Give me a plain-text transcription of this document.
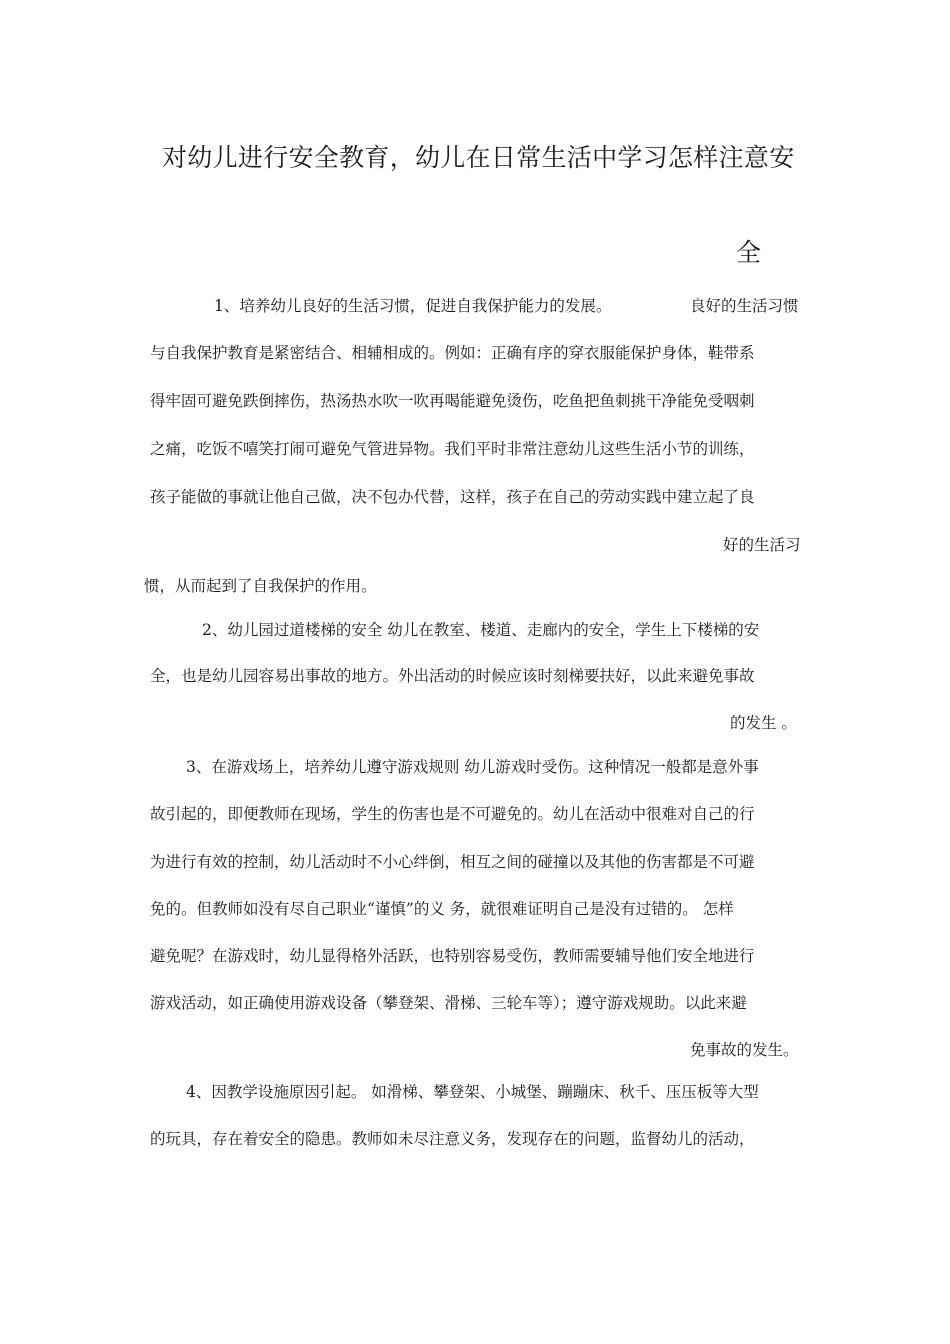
对幼儿进行安全教育，幼儿在日常生活中学习怎样注意安
全
1、培养幼儿良好的生活习惯，促进自我保护能力的发展。	良好的生活习惯
与自我保护教育是紧密结合、相辅相成的。例如：正确有序的穿衣服能保护身体，鞋带系
得牢固可避免跌倒摔伤，热汤热水吹一吹再喝能避免烫伤，吃鱼把鱼刺挑干净能免受咽刺
之痛，吃饭不嘻笑打闹可避免气管进异物。我们平时非常注意幼儿这些生活小节的训练，
孩子能做的事就让他自己做，决不包办代替，这样，孩子在自己的劳动实践中建立起了良
好的生活习
惯，从而起到了自我保护的作用。
2、幼儿园过道楼梯的安全 幼儿在教室、楼道、走廊内的安全，学生上下楼梯的安
全，也是幼儿园容易出事故的地方。外出活动的时候应该时刻梯要扶好，以此来避免事故
的发生 。
3、在游戏场上，培养幼儿遵守游戏规则 幼儿游戏时受伤。这种情况一般都是意外事
故引起的，即便教师在现场，学生的伤害也是不可避免的。幼儿在活动中很难对自己的行
为进行有效的控制，幼儿活动时不小心绊倒，相互之间的碰撞以及其他的伤害都是不可避
免的。但教师如没有尽自己职业“谨慎”的义 务，就很难证明自己是没有过错的。 怎样
避免呢？在游戏时，幼儿显得格外活跃，也特别容易受伤，教师需要辅导他们安全地进行
游戏活动，如正确使用游戏设备（攀登架、滑梯、三轮车等）；遵守游戏规助。以此来避
免事故的发生。
4、因教学设施原因引起。 如滑梯、攀登架、小城堡、蹦蹦床、秋千、压压板等大型
的玩具，存在着安全的隐患。教师如未尽注意义务，发现存在的问题，监督幼儿的活动，
